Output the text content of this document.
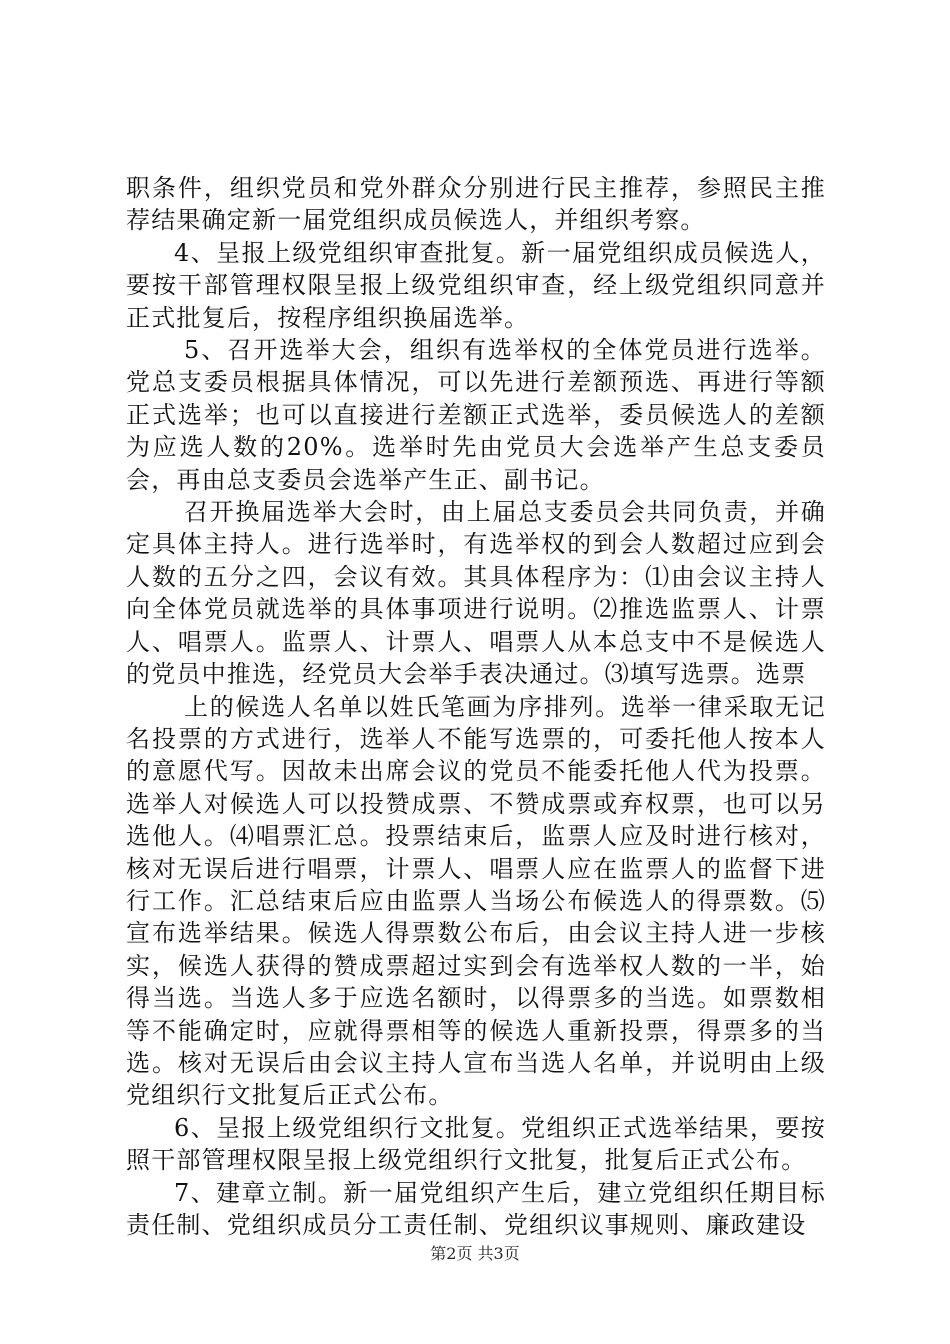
职条件，组织党员和党外群众分别进行民主推荐，参照民主推荐结果确定新一届党组织成员候选人，并组织考察。

4、呈报上级党组织审查批复。新一届党组织成员候选人，要按干部管理权限呈报上级党组织审查，经上级党组织同意并正式批复后，按程序组织换届选举。

5、召开选举大会，组织有选举权的全体党员进行选举。党总支委员根据具体情况，可以先进行差额预选、再进行等额正式选举；也可以直接进行差额正式选举，委员候选人的差额为应选人数的20%。选举时先由党员大会选举产生总支委员会，再由总支委员会选举产生正、副书记。

召开换届选举大会时，由上届总支委员会共同负责，并确定具体主持人。进行选举时，有选举权的到会人数超过应到会人数的五分之四，会议有效。其具体程序为：⑴由会议主持人向全体党员就选举的具体事项进行说明。⑵推选监票人、计票人、唱票人。监票人、计票人、唱票人从本总支中不是候选人的党员中推选，经党员大会举手表决通过。⑶填写选票。选票

上的候选人名单以姓氏笔画为序排列。选举一律采取无记名投票的方式进行，选举人不能写选票的，可委托他人按本人的意愿代写。因故未出席会议的党员不能委托他人代为投票。选举人对候选人可以投赞成票、不赞成票或弃权票，也可以另选他人。⑷唱票汇总。投票结束后，监票人应及时进行核对，核对无误后进行唱票，计票人、唱票人应在监票人的监督下进行工作。汇总结束后应由监票人当场公布候选人的得票数。⑸宣布选举结果。候选人得票数公布后，由会议主持人进一步核实，候选人获得的赞成票超过实到会有选举权人数的一半，始得当选。当选人多于应选名额时，以得票多的当选。如票数相等不能确定时，应就得票相等的候选人重新投票，得票多的当选。核对无误后由会议主持人宣布当选人名单，并说明由上级党组织行文批复后正式公布。

6、呈报上级党组织行文批复。党组织正式选举结果，要按照干部管理权限呈报上级党组织行文批复，批复后正式公布。

7、建章立制。新一届党组织产生后，建立党组织任期目标责任制、党组织成员分工责任制、党组织议事规则、廉政建设

第2页 共3页
